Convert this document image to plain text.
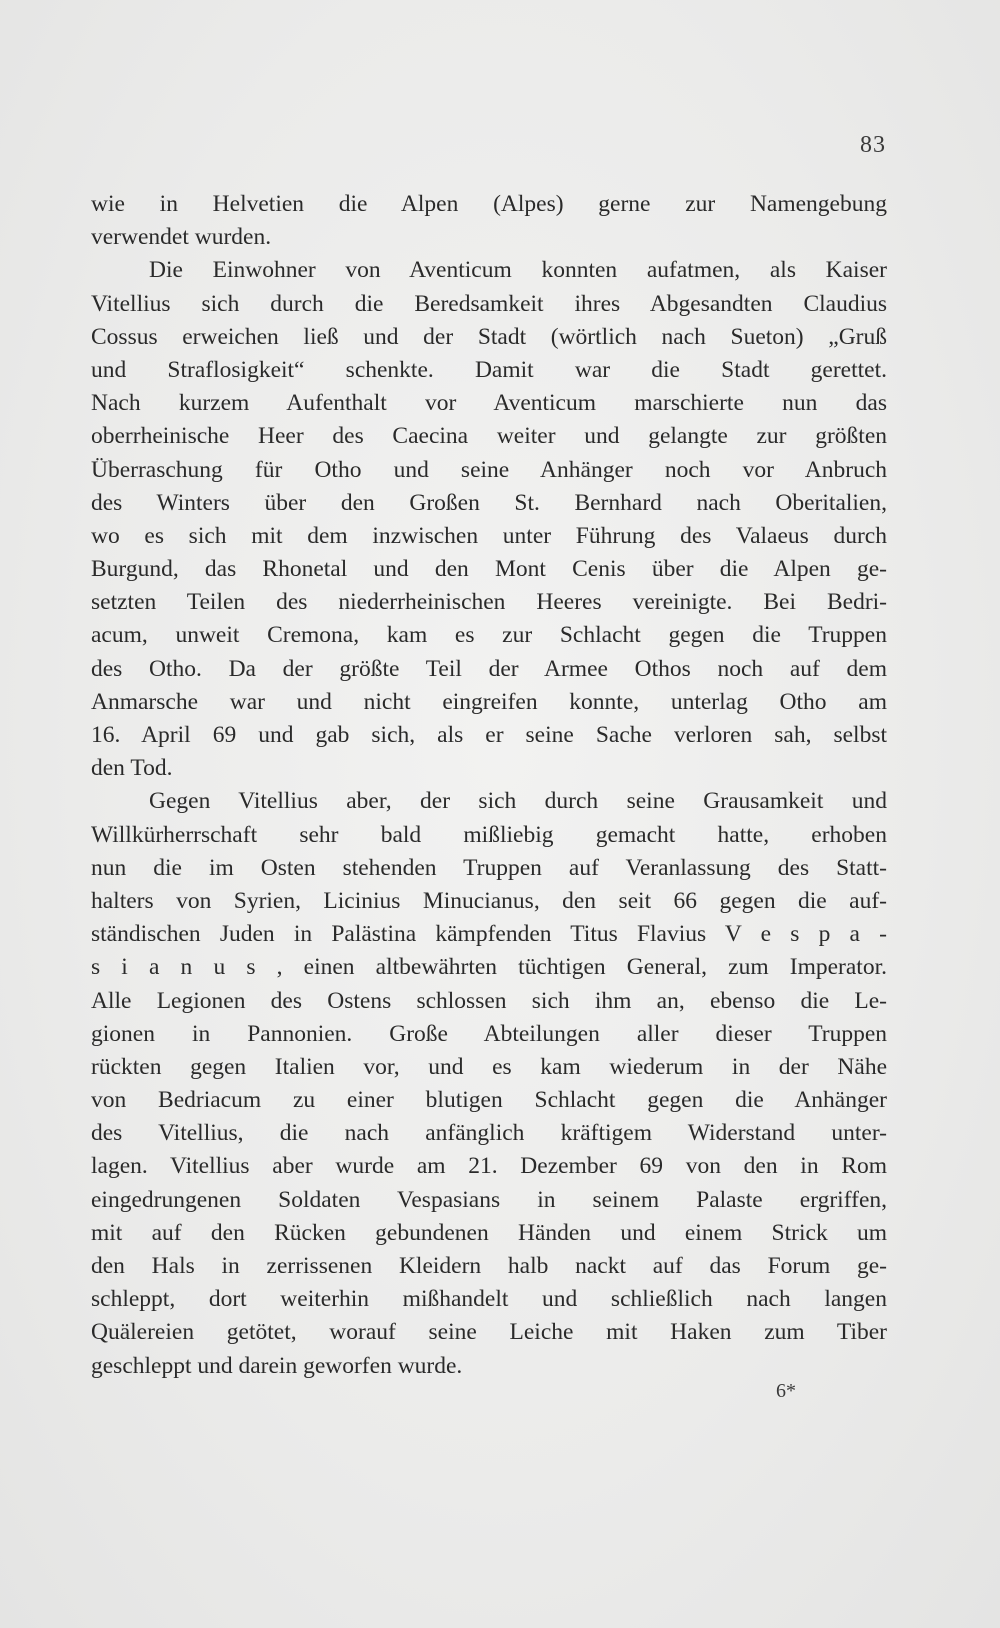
83
wie in Helvetien die Alpen (Alpes) gerne zur Namengebung
verwendet wurden.
Die Einwohner von Aventicum konnten aufatmen, als Kaiser
Vitellius sich durch die Beredsamkeit ihres Abgesandten Claudius
Cossus erweichen ließ und der Stadt (wörtlich nach Sueton) „Gruß
und Straflosigkeit“ schenkte. Damit war die Stadt gerettet.
Nach kurzem Aufenthalt vor Aventicum marschierte nun das
oberrheinische Heer des Caecina weiter und gelangte zur größten
Überraschung für Otho und seine Anhänger noch vor Anbruch
des Winters über den Großen St. Bernhard nach Oberitalien,
wo es sich mit dem inzwischen unter Führung des Valaeus durch
Burgund, das Rhonetal und den Mont Cenis über die Alpen ge-
setzten Teilen des niederrheinischen Heeres vereinigte. Bei Bedri-
acum, unweit Cremona, kam es zur Schlacht gegen die Truppen
des Otho. Da der größte Teil der Armee Othos noch auf dem
Anmarsche war und nicht eingreifen konnte, unterlag Otho am
16. April 69 und gab sich, als er seine Sache verloren sah, selbst
den Tod.
Gegen Vitellius aber, der sich durch seine Grausamkeit und
Willkürherrschaft sehr bald mißliebig gemacht hatte, erhoben
nun die im Osten stehenden Truppen auf Veranlassung des Statt-
halters von Syrien, Licinius Minucianus, den seit 66 gegen die auf-
ständischen Juden in Palästina kämpfenden Titus Flavius V e s p a -
s i a n u s , einen altbewährten tüchtigen General, zum Imperator.
Alle Legionen des Ostens schlossen sich ihm an, ebenso die Le-
gionen in Pannonien. Große Abteilungen aller dieser Truppen
rückten gegen Italien vor, und es kam wiederum in der Nähe
von Bedriacum zu einer blutigen Schlacht gegen die Anhänger
des Vitellius, die nach anfänglich kräftigem Widerstand unter-
lagen. Vitellius aber wurde am 21. Dezember 69 von den in Rom
eingedrungenen Soldaten Vespasians in seinem Palaste ergriffen,
mit auf den Rücken gebundenen Händen und einem Strick um
den Hals in zerrissenen Kleidern halb nackt auf das Forum ge-
schleppt, dort weiterhin mißhandelt und schließlich nach langen
Quälereien getötet, worauf seine Leiche mit Haken zum Tiber
geschleppt und darein geworfen wurde.
6*
